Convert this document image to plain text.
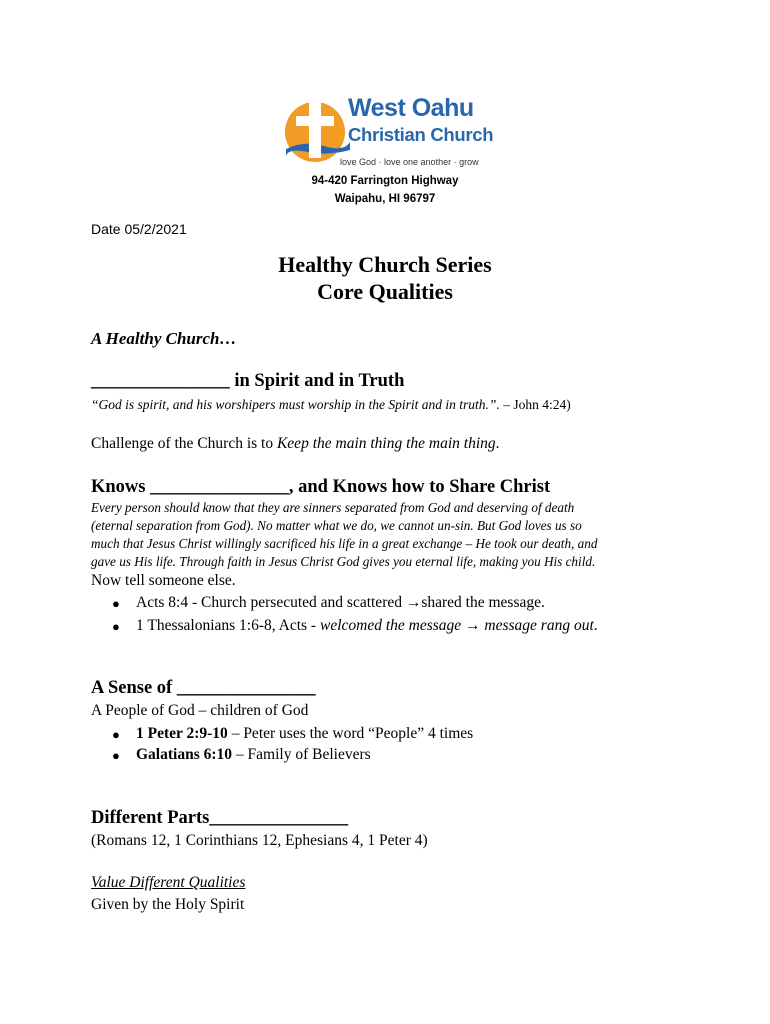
West Oahu
Christian Church
love God · love one another · grow
94-420 Farrington Highway
Waipahu, HI 96797
Date 05/2/2021
Healthy Church Series
Core Qualities
A Healthy Church…
_______________ in Spirit and in Truth
“God is spirit, and his worshipers must worship in the Spirit and in truth.”. – John 4:24)
Challenge of the Church is to Keep the main thing the main thing.
Knows _______________, and Knows how to Share Christ
Every person should know that they are sinners separated from God and deserving of death
(eternal separation from God). No matter what we do, we cannot un-sin. But God loves us so
much that Jesus Christ willingly sacrificed his life in a great exchange – He took our death, and
gave us His life. Through faith in Jesus Christ God gives you eternal life, making you His child.
Now tell someone else.
● Acts 8:4 - Church persecuted and scattered →shared the message.
● 1 Thessalonians 1:6-8, Acts - welcomed the message → message rang out.
A Sense of _______________
A People of God – children of God
● 1 Peter 2:9-10 – Peter uses the word “People” 4 times
● Galatians 6:10 – Family of Believers
Different Parts_______________
(Romans 12, 1 Corinthians 12, Ephesians 4, 1 Peter 4)
Value Different Qualities
Given by the Holy Spirit
